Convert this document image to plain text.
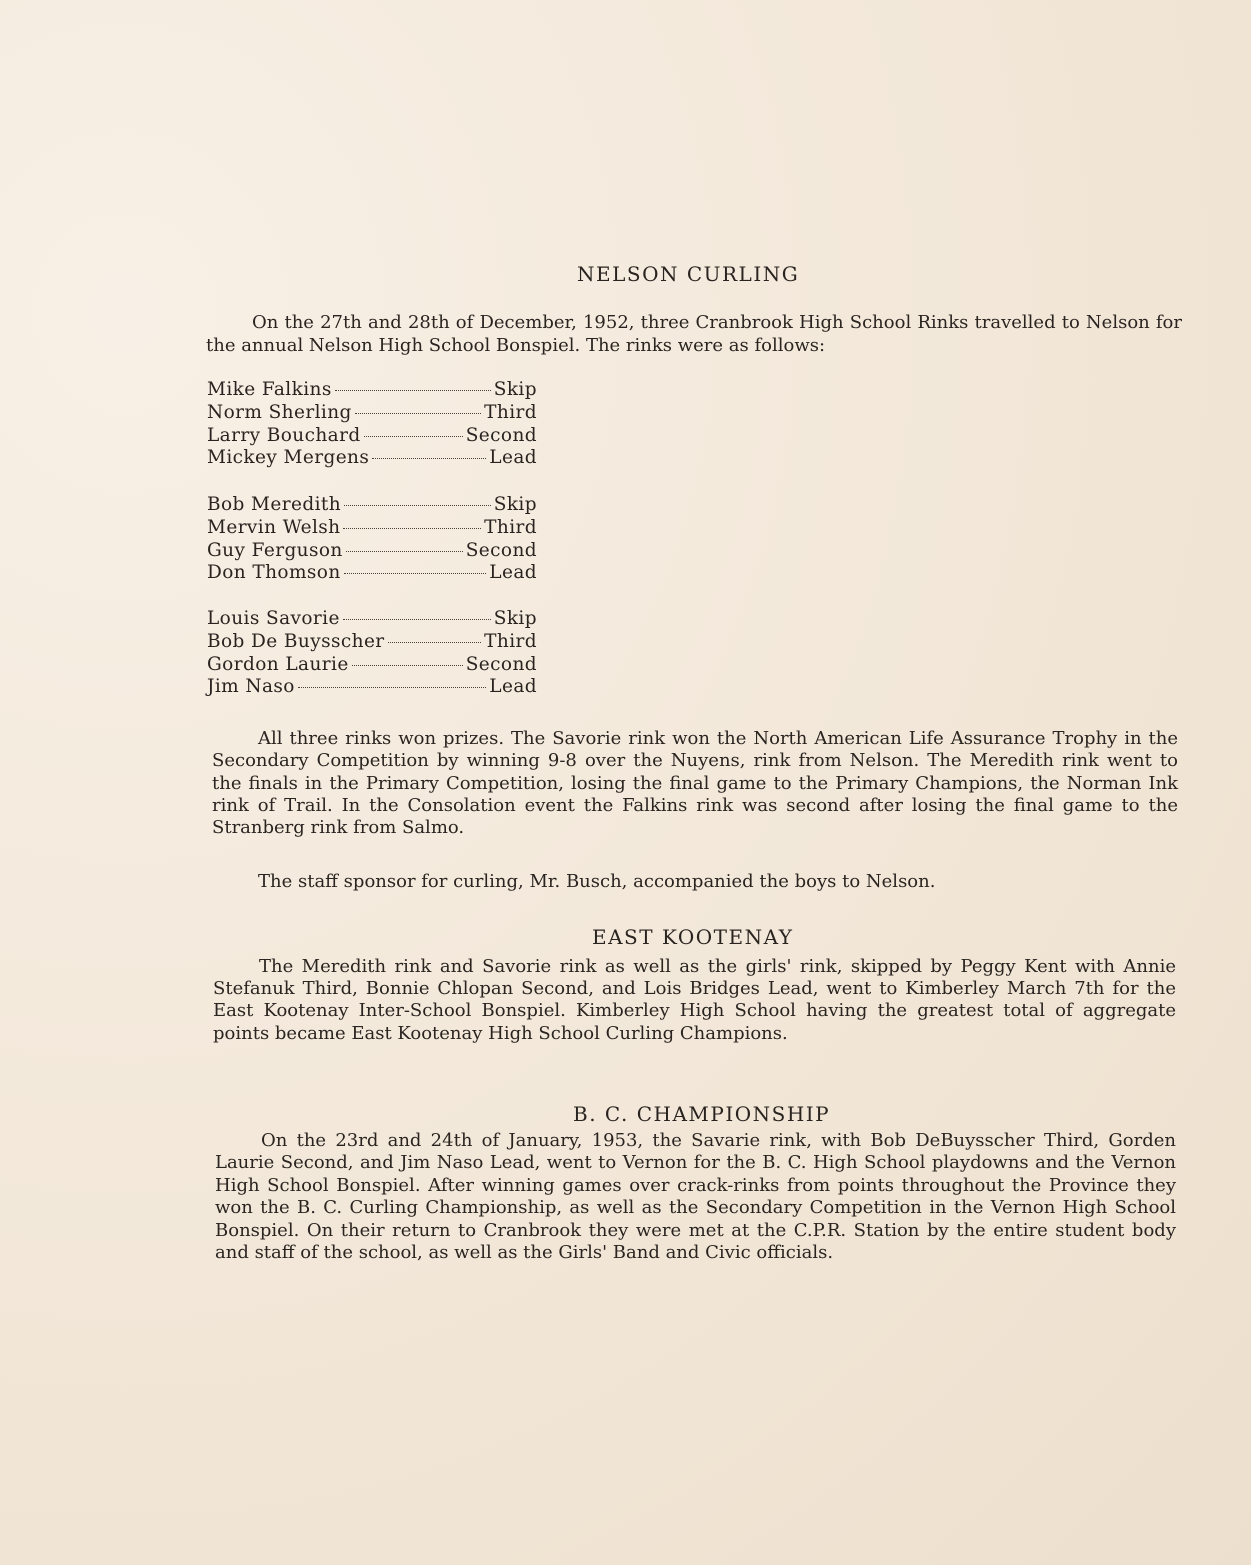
NELSON CURLING

On the 27th and 28th of December, 1952, three Cranbrook High School Rinks travelled to Nelson for the annual Nelson High School Bonspiel. The rinks were as follows:

Mike Falkins	Skip
Norm Sherling	Third
Larry Bouchard	Second
Mickey Mergens	Lead
Bob Meredith	Skip
Mervin Welsh	Third
Guy Ferguson	Second
Don Thomson	Lead
Louis Savorie	Skip
Bob De Buysscher	Third
Gordon Laurie	Second
Jim Naso	Lead

All three rinks won prizes. The Savorie rink won the North American Life Assurance Trophy in the Secondary Competition by winning 9-8 over the Nuyens, rink from Nelson. The Meredith rink went to the finals in the Primary Competition, losing the final game to the Primary Champions, the Norman Ink rink of Trail. In the Consolation event the Falkins rink was second after losing the final game to the Stranberg rink from Salmo.

The staff sponsor for curling, Mr. Busch, accompanied the boys to Nelson.

EAST KOOTENAY

The Meredith rink and Savorie rink as well as the girls' rink, skipped by Peggy Kent with Annie Stefanuk Third, Bonnie Chlopan Second, and Lois Bridges Lead, went to Kimberley March 7th for the East Kootenay Inter-School Bonspiel. Kimberley High School having the greatest total of aggregate points became East Kootenay High School Curling Champions.

B. C. CHAMPIONSHIP

On the 23rd and 24th of January, 1953, the Savarie rink, with Bob DeBuysscher Third, Gorden Laurie Second, and Jim Naso Lead, went to Vernon for the B. C. High School playdowns and the Vernon High School Bonspiel. After winning games over crack-rinks from points throughout the Province they won the B. C. Curling Championship, as well as the Secondary Competition in the Vernon High School Bonspiel. On their return to Cranbrook they were met at the C.P.R. Station by the entire student body and staff of the school, as well as the Girls' Band and Civic officials.
